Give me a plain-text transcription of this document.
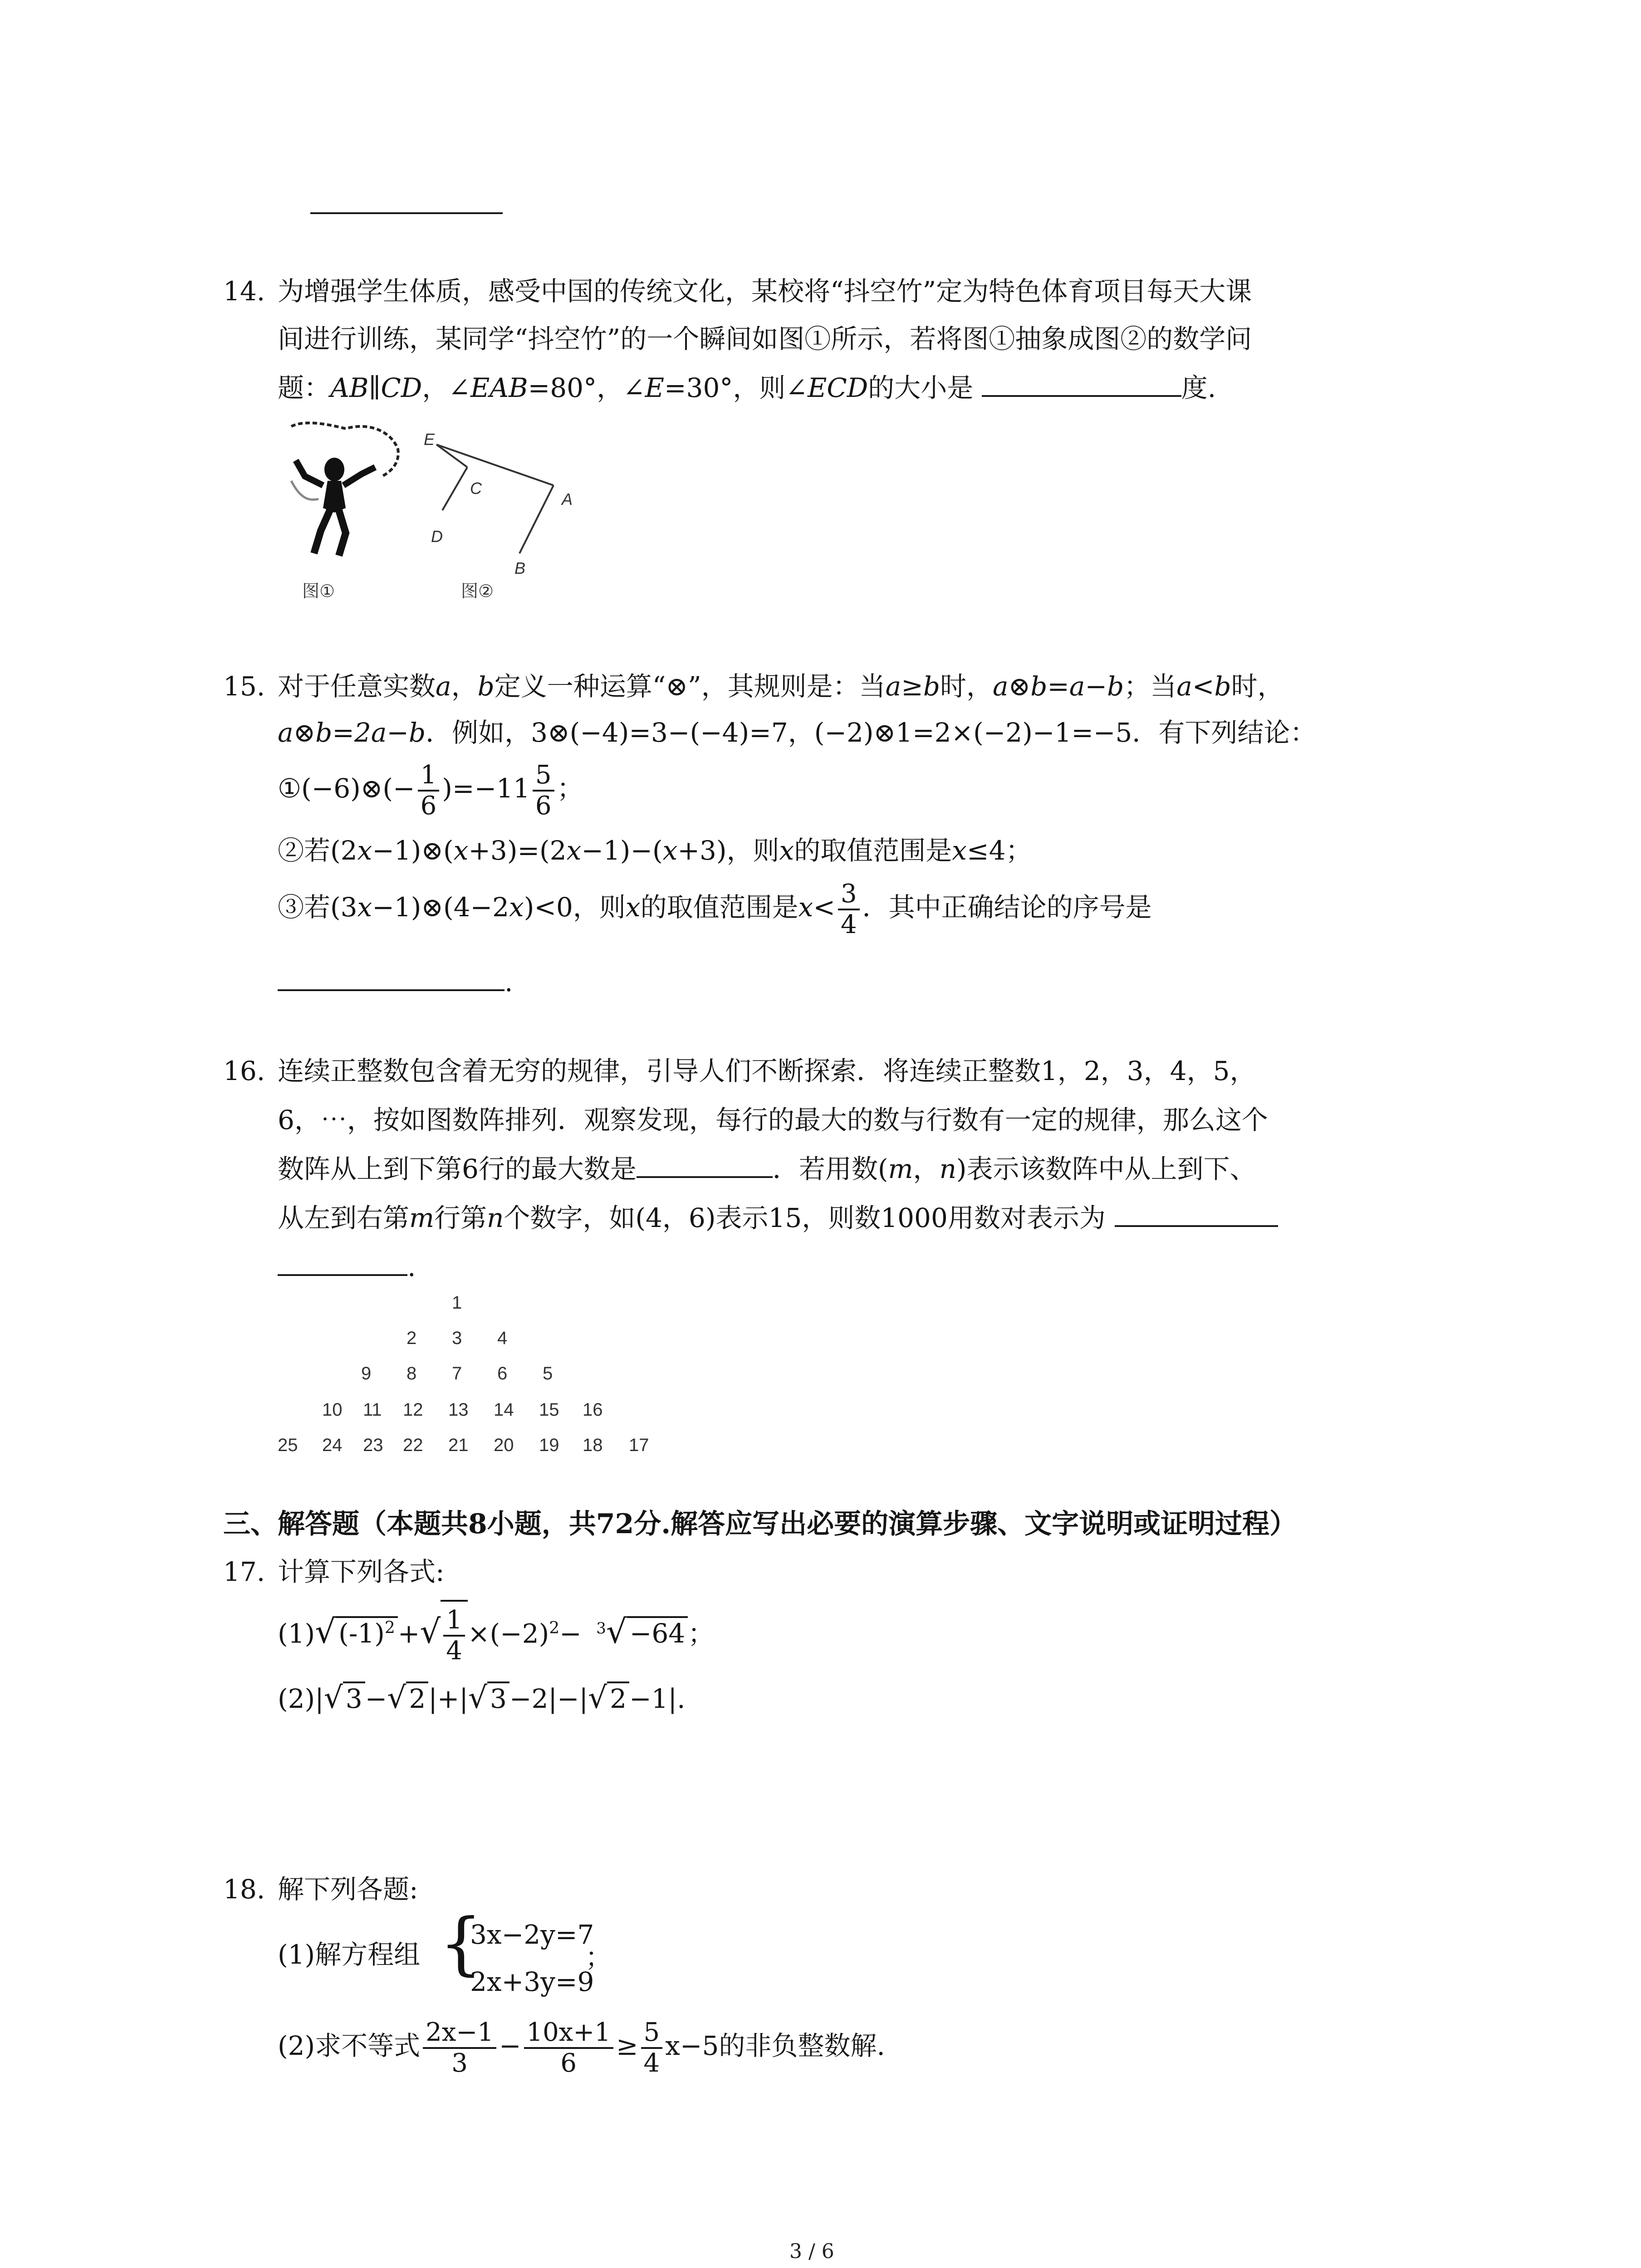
14. 为增强学生体质，感受中国的传统文化，某校将“抖空竹”定为特色体育项目每天大课
间进行训练，某同学“抖空竹”的一个瞬间如图①所示，若将图①抽象成图②的数学问
题：AB∥CD，∠EAB=80°，∠E=30°，则∠ECD的大小是	度.
图①
E
C
A
D
B
图②
15. 对于任意实数a，b定义一种运算“⊗”，其规则是：当a≥b时，a⊗b=a−b；当a<b时，
a⊗b=2a−b．例如，3⊗(−4)=3−(−4)=7，(−2)⊗1=2×(−2)−1=−5．有下列结论：
①(−6)⊗(− $\frac{1}{6} )=-11 \frac{5}{6}$ ；
②若(2x−1)⊗(x+3)=(2x−1)−(x+3)，则x的取值范围是x≤4；
③若(3x−1)⊗(4−2x)<0，则x的取值范围是$x< \frac{3}{4}$ ．其中正确结论的序号是
.
16. 连续正整数包含着无穷的规律，引导人们不断探索．将连续正整数1，2，3，4，5，
6，⋯，按如图数阵排列．观察发现，每行的最大的数与行数有一定的规律，那么这个
数阵从上到下第6行的最大数是	．若用数(m，n)表示该数阵中从上到下、
从左到右第m行第n个数字，如(4，6)表示15，则数1000用数对表示为
.
1
2 3 4
9 8 7 6 5
10 11 12 13 14 15 16
25 24 23 22 21 20 19 18 17
三、解答题（本题共8小题，共72分.解答应写出必要的演算步骤、文字说明或证明过程）
17. 计算下列各式:
(1)√ $(-1)^2$ +√ $\frac{1}{4} \times(-2)^2- ^3√ -64$ ；
(2)|√ 3 −√ 2 |+|√ 3 −2|−|√ 2 −1|.
18. 解下列各题:
(1)解方程组 {
3x−2y=7
2x+3y=9
；
(2)求不等式 $\frac{2x-1}{3} - \frac{10x+1}{6} \ge \frac{5}{4} x-5$的非负整数解.
3 / 6
